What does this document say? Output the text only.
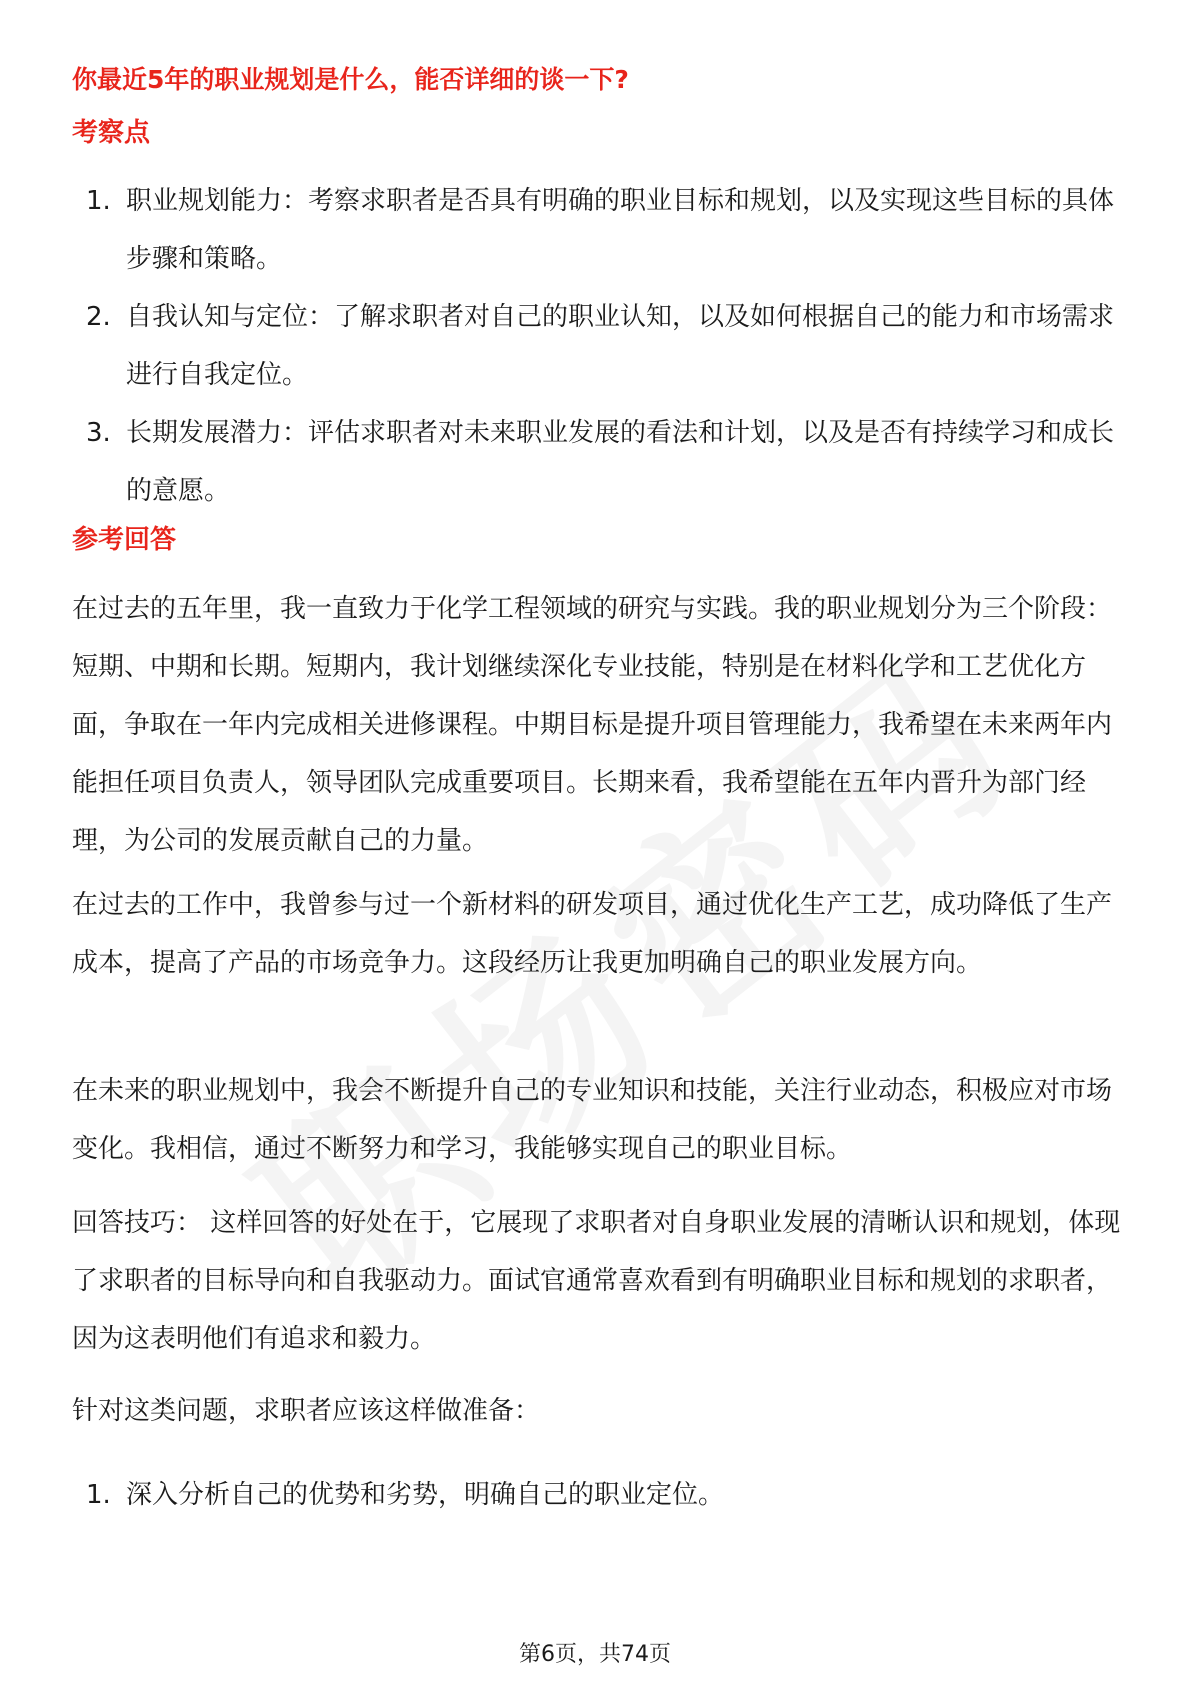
你最近5年的职业规划是什么，能否详细的谈一下?
考察点
1. 职业规划能力：考察求职者是否具有明确的职业目标和规划，以及实现这些目标的具体步骤和策略。
2. 自我认知与定位：了解求职者对自己的职业认知，以及如何根据自己的能力和市场需求进行自我定位。
3. 长期发展潜力：评估求职者对未来职业发展的看法和计划，以及是否有持续学习和成长的意愿。
参考回答

在过去的五年里，我一直致力于化学工程领域的研究与实践。我的职业规划分为三个阶段：短期、中期和长期。短期内，我计划继续深化专业技能，特别是在材料化学和工艺优化方面，争取在一年内完成相关进修课程。中期目标是提升项目管理能力，我希望在未来两年内能担任项目负责人，领导团队完成重要项目。长期来看，我希望能在五年内晋升为部门经理，为公司的发展贡献自己的力量。

在过去的工作中，我曾参与过一个新材料的研发项目，通过优化生产工艺，成功降低了生产成本，提高了产品的市场竞争力。这段经历让我更加明确自己的职业发展方向。

在未来的职业规划中，我会不断提升自己的专业知识和技能，关注行业动态，积极应对市场变化。我相信，通过不断努力和学习，我能够实现自己的职业目标。

回答技巧： 这样回答的好处在于，它展现了求职者对自身职业发展的清晰认识和规划，体现了求职者的目标导向和自我驱动力。面试官通常喜欢看到有明确职业目标和规划的求职者，因为这表明他们有追求和毅力。

针对这类问题，求职者应该这样做准备：

1. 深入分析自己的优势和劣势，明确自己的职业定位。
第6页，共74页
